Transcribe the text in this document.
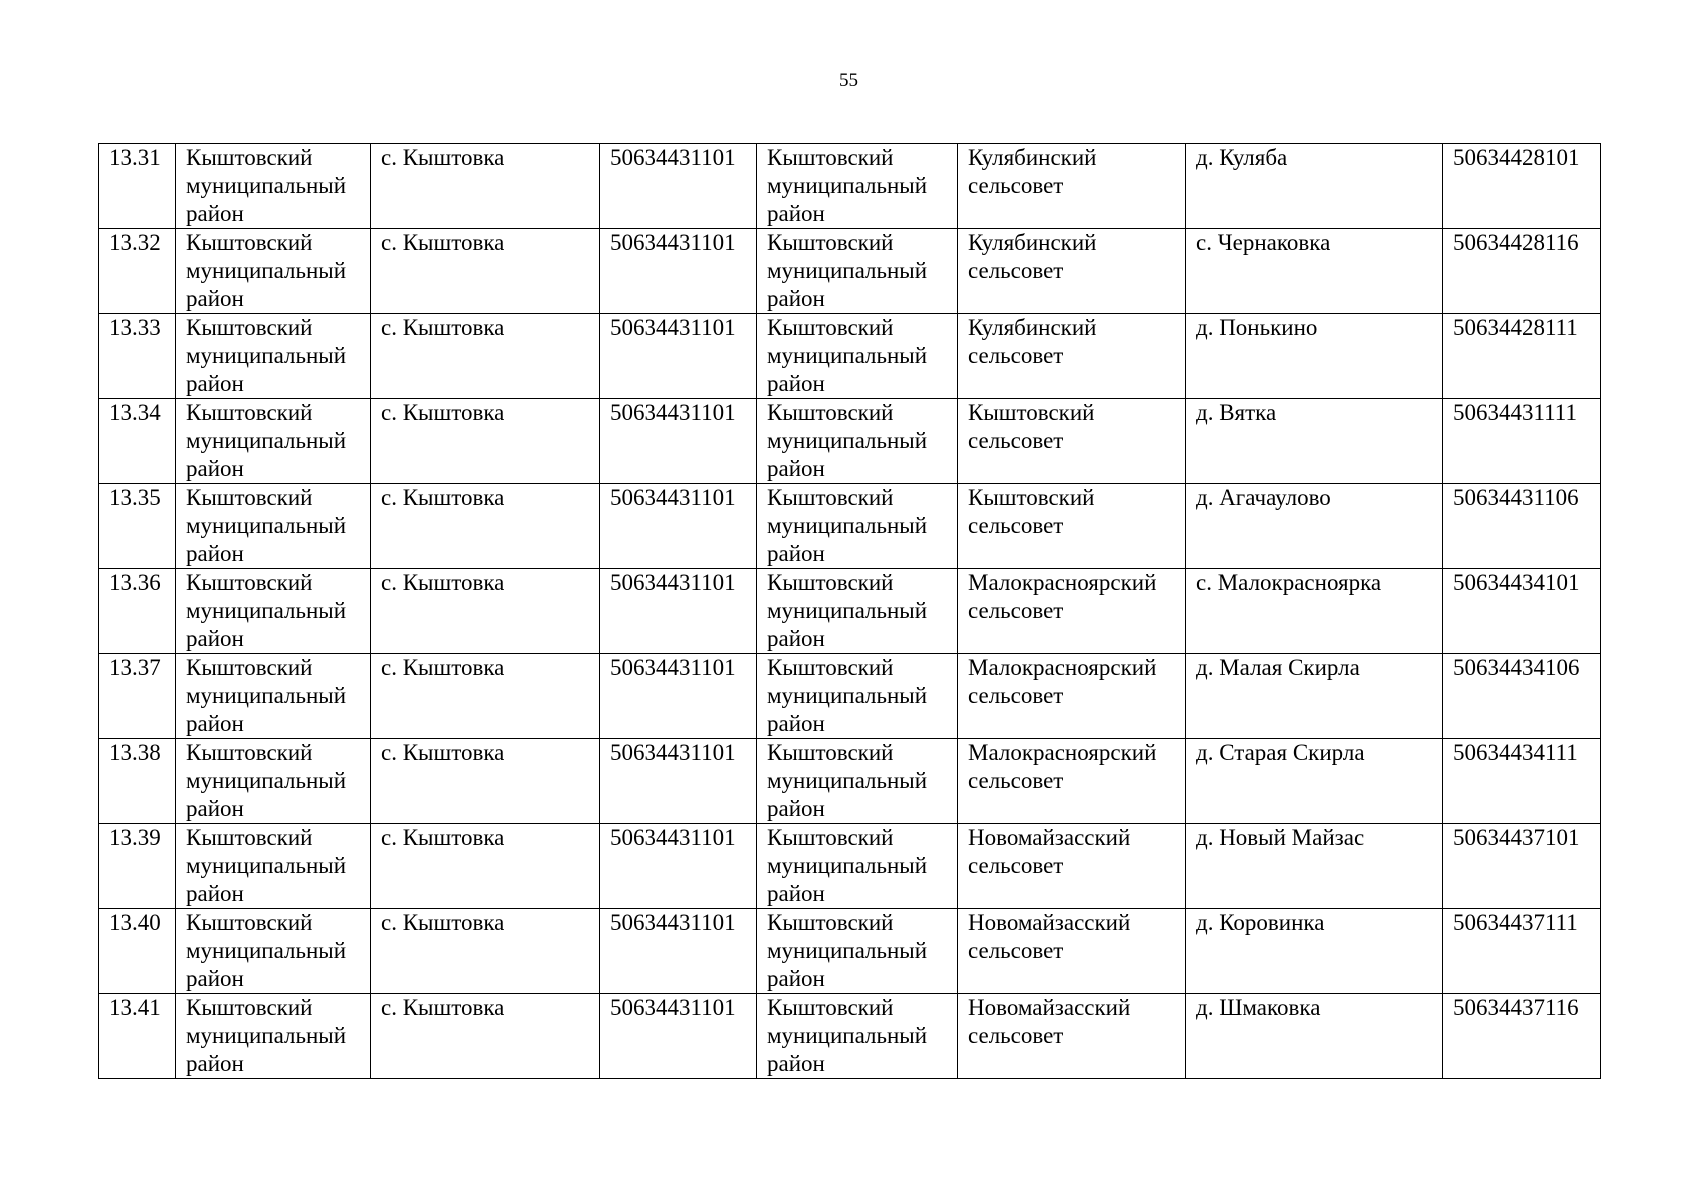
55
13.31	Кыштовский муниципальный район	с. Кыштовка	50634431101	Кыштовский муниципальный район	Кулябинский сельсовет	д. Куляба	50634428101
13.32	Кыштовский муниципальный район	с. Кыштовка	50634431101	Кыштовский муниципальный район	Кулябинский сельсовет	с. Чернаковка	50634428116
13.33	Кыштовский муниципальный район	с. Кыштовка	50634431101	Кыштовский муниципальный район	Кулябинский сельсовет	д. Понькино	50634428111
13.34	Кыштовский муниципальный район	с. Кыштовка	50634431101	Кыштовский муниципальный район	Кыштовский сельсовет	д. Вятка	50634431111
13.35	Кыштовский муниципальный район	с. Кыштовка	50634431101	Кыштовский муниципальный район	Кыштовский сельсовет	д. Агачаулово	50634431106
13.36	Кыштовский муниципальный район	с. Кыштовка	50634431101	Кыштовский муниципальный район	Малокрасноярский сельсовет	с. Малокрасноярка	50634434101
13.37	Кыштовский муниципальный район	с. Кыштовка	50634431101	Кыштовский муниципальный район	Малокрасноярский сельсовет	д. Малая Скирла	50634434106
13.38	Кыштовский муниципальный район	с. Кыштовка	50634431101	Кыштовский муниципальный район	Малокрасноярский сельсовет	д. Старая Скирла	50634434111
13.39	Кыштовский муниципальный район	с. Кыштовка	50634431101	Кыштовский муниципальный район	Новомайзасский сельсовет	д. Новый Майзас	50634437101
13.40	Кыштовский муниципальный район	с. Кыштовка	50634431101	Кыштовский муниципальный район	Новомайзасский сельсовет	д. Коровинка	50634437111
13.41	Кыштовский муниципальный район	с. Кыштовка	50634431101	Кыштовский муниципальный район	Новомайзасский сельсовет	д. Шмаковка	50634437116
